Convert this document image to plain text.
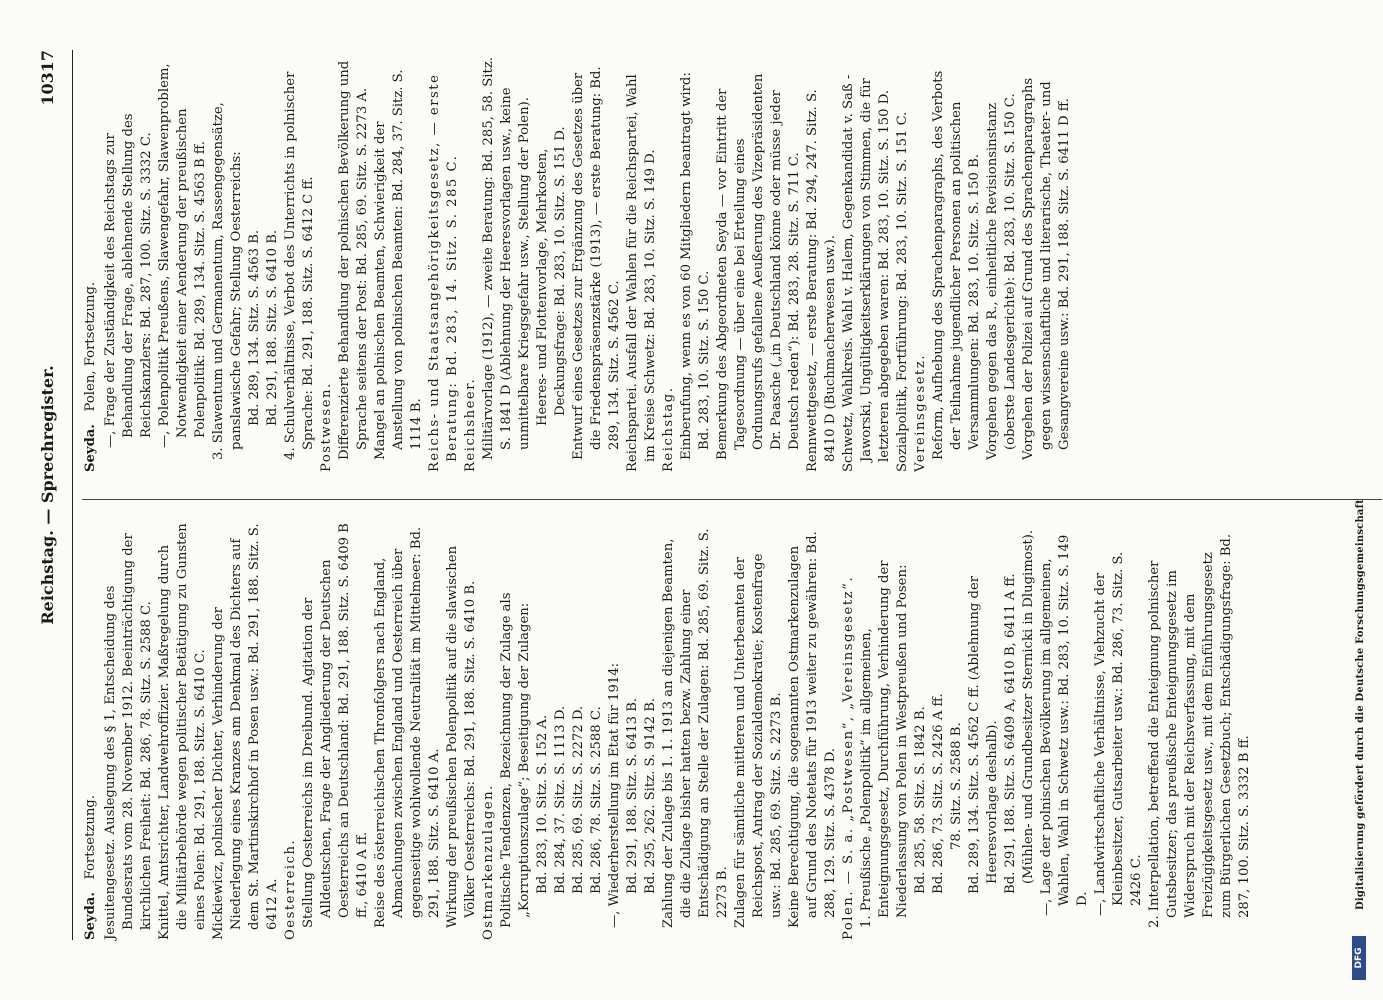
Reichstag. — Sprechregister.
10317
Seyda. Fortsetzung. Jesuitengesetz. Auslegung des § 1, Entscheidung des Bundesrats vom 28. November 1912. Beeinträchtigung der kirchlichen Freiheit: Bd. 286, 78. Sitz. S. 2588 C. Knittel, Amtsrichter, Landwehroffizier. Maßregelung durch die Militärbehörde wegen politischer Betätigung zu Gunsten eines Polen: Bd. 291, 188. Sitz. S. 6410 C. Mickiewicz, polnischer Dichter, Verhinderung der Niederlegung eines Kranzes am Denkmal des Dichters auf dem St. Martinskirchhof in Posen usw.: Bd. 291, 188. Sitz. S. 6412 A. Oesterreich. Stellung Oesterreichs im Dreibund. Agitation der Alldeutschen, Frage der Angliederung der Deutschen Oesterreichs an Deutschland: Bd. 291, 188. Sitz. S. 6409 B ff., 6410 A ff. Reise des österreichischen Thronfolgers nach England, Abmachungen zwischen England und Oesterreich über gegenseitige wohlwollende Neutralität im Mittelmeer: Bd. 291, 188. Sitz. S. 6410 A. Wirkung der preußischen Polenpolitik auf die slawischen Völker Oesterreichs: Bd. 291, 188. Sitz. S. 6410 B. Ostmarkenzulagen. Politische Tendenzen, Bezeichnung der Zulage als „Korruptionszulage“; Beseitigung der Zulagen: Bd. 283, 10. Sitz. S. 152 A. Bd. 284, 37. Sitz. S. 1113 D. Bd. 285, 69. Sitz. S. 2272 D. Bd. 286, 78. Sitz. S. 2588 C. —, Wiederherstellung im Etat für 1914: Bd. 291, 188. Sitz. S. 6413 B. Bd. 295, 262. Sitz. S. 9142 B. Zahlung der Zulage bis 1. 1. 1913 an diejenigen Beamten, die die Zulage bisher hatten bezw. Zahlung einer Entschädigung an Stelle der Zulagen: Bd. 285, 69. Sitz. S. 2273 B. Zulagen für sämtliche mittleren und Unterbeamten der Reichspost, Antrag der Sozialdemokratie; Kostenfrage usw.: Bd. 285, 69. Sitz. S. 2273 B. Keine Berechtigung, die sogenannten Ostmarkenzulagen auf Grund des Notetats für 1913 weiter zu gewähren: Bd. 288, 129. Sitz. S. 4378 D. Polen. — S. a. „Postwesen“, „Vereinsgesetz“. 1. Preußische „Polenpolitik“ im allgemeinen, Enteignungsgesetz, Durchführung, Verhinderung der Niederlassung von Polen in Westpreußen und Posen: Bd. 285, 58. Sitz. S. 1842 B. Bd. 286, 73. Sitz. S. 2426 A ff. 78. Sitz. S. 2588 B. Bd. 289, 134. Sitz. S. 4562 C ff. (Ablehnung der Heeresvorlage deshalb). Bd. 291, 188. Sitz. S. 6409 A, 6410 B, 6411 A ff. (Mühlen- und Grundbesitzer Sternicki in Dlugimost). —, Lage der polnischen Bevölkerung im allgemeinen, Wahlen, Wahl in Schwetz usw.: Bd. 283, 10. Sitz. S. 149 D. —, Landwirtschaftliche Verhältnisse, Viehzucht der Kleinbesitzer, Gutsarbeiter usw.: Bd. 286, 73. Sitz. S. 2426 C. 2. Interpellation, betreffend die Enteignung polnischer Gutsbesitzer; das preußische Enteignungsgesetz im Widerspruch mit der Reichsverfassung, mit dem Freizügigkeitsgesetz usw., mit dem Einführungsgesetz zum Bürgerlichen Gesetzbuch; Entschädigungsfrage: Bd. 287, 100. Sitz. S. 3332 B ff.

Seyda. Polen, Fortsetzung. —, Frage der Zuständigkeit des Reichstags zur Behandlung der Frage, ablehnende Stellung des Reichskanzlers: Bd. 287, 100. Sitz. S. 3332 C. —, Polenpolitik Preußens, Slawengefahr, Slawenproblem, Notwendigkeit einer Aenderung der preußischen Polenpolitik: Bd. 289, 134. Sitz. S. 4563 B ff. 3. Slawentum und Germanentum, Rassengegensätze, panslawische Gefahr; Stellung Oesterreichs: Bd. 289, 134. Sitz. S. 4563 B. Bd. 291, 188. Sitz. S. 6410 B. 4. Schulverhältnisse, Verbot des Unterrichts in polnischer Sprache: Bd. 291, 188. Sitz. S. 6412 C ff. Postwesen. Differenzierte Behandlung der polnischen Bevölkerung und Sprache seitens der Post: Bd. 285, 69. Sitz. S. 2273 A. Mangel an polnischen Beamten, Schwierigkeit der Anstellung von polnischen Beamten: Bd. 284, 37. Sitz. S. 1114 B. Reichs- und Staatsangehörigkeitsgesetz, — erste Beratung: Bd. 283, 14. Sitz. S. 285 C. Reichsheer. Militärvorlage (1912), — zweite Beratung: Bd. 285, 58. Sitz. S. 1841 D (Ablehnung der Heeresvorlagen usw., keine unmittelbare Kriegsgefahr usw., Stellung der Polen). Heeres- und Flottenvorlage, Mehrkosten, Deckungsfrage: Bd. 283, 10. Sitz. S. 151 D. Entwurf eines Gesetzes zur Ergänzung des Gesetzes über die Friedenspräsenzstärke (1913), — erste Beratung: Bd. 289, 134. Sitz. S. 4562 C. Reichspartei. Ausfall der Wahlen für die Reichspartei, Wahl im Kreise Schwetz: Bd. 283, 10. Sitz. S. 149 D. Reichstag. Einberufung, wenn es von 60 Mitgliedern beantragt wird: Bd. 283, 10. Sitz. S. 150 C. Bemerkung des Abgeordneten Seyda — vor Eintritt der Tagesordnung — über eine bei Erteilung eines Ordnungsrufs gefallene Aeußerung des Vizepräsidenten Dr. Paasche („in Deutschland könne oder müsse jeder Deutsch reden“): Bd. 283, 28. Sitz. S. 711 C. Rennwettgesetz, — erste Beratung: Bd. 294, 247. Sitz. S. 8410 D (Buchmacherwesen usw.). Schwetz, Wahlkreis. Wahl v. Halem, Gegenkandidat v. Saß - Jaworski, Ungültigkeitserklärungen von Stimmen, die für letzteren abgegeben waren: Bd. 283, 10. Sitz. S. 150 D. Sozialpolitik, Fortführung: Bd. 283, 10. Sitz. S. 151 C. Vereinsgesetz. Reform, Aufhebung des Sprachenparagraphs, des Verbots der Teilnahme jugendlicher Personen an politischen Versammlungen: Bd. 283, 10. Sitz. S. 150 B. Vorgehen gegen das R., einheitliche Revisionsinstanz (oberste Landesgerichte): Bd. 283, 10. Sitz. S. 150 C. Vorgehen der Polizei auf Grund des Sprachenparagraphs gegen wissenschaftliche und literarische, Theater- und Gesangvereine usw.: Bd. 291, 188. Sitz. S. 6411 D ff.

DFG
Digitalisierung gefördert durch die Deutsche Forschungsgemeinschaft
